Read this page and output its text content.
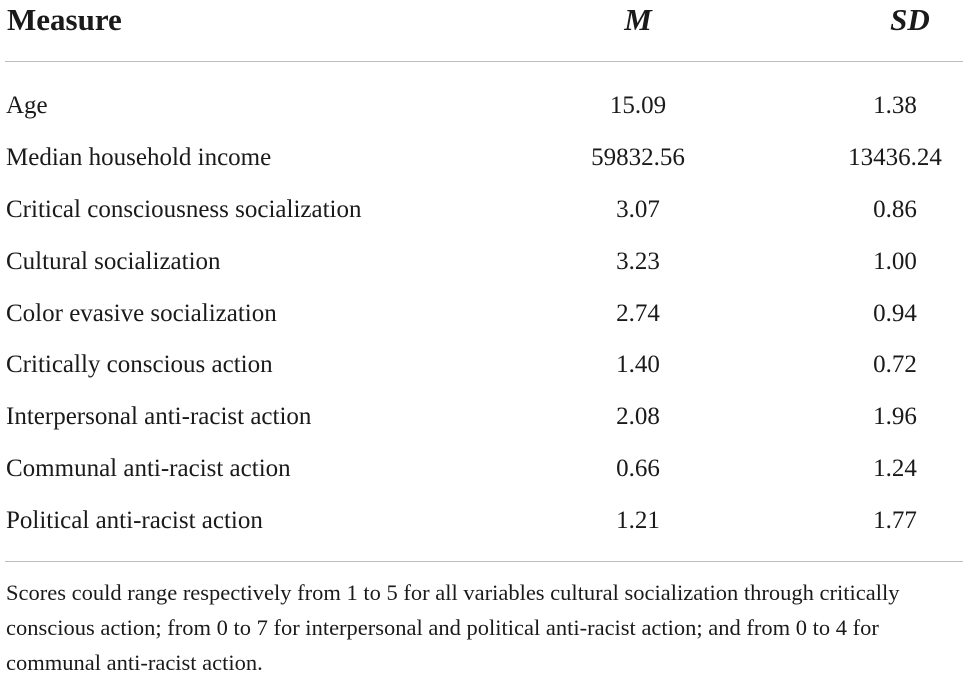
Measure	M	SD
Age	15.09	1.38
Median household income	59832.56	13436.24
Critical consciousness socialization	3.07	0.86
Cultural socialization	3.23	1.00
Color evasive socialization	2.74	0.94
Critically conscious action	1.40	0.72
Interpersonal anti-racist action	2.08	1.96
Communal anti-racist action	0.66	1.24
Political anti-racist action	1.21	1.77
Scores could range respectively from 1 to 5 for all variables cultural socialization through critically conscious action; from 0 to 7 for interpersonal and political anti-racist action; and from 0 to 4 for communal anti-racist action.
